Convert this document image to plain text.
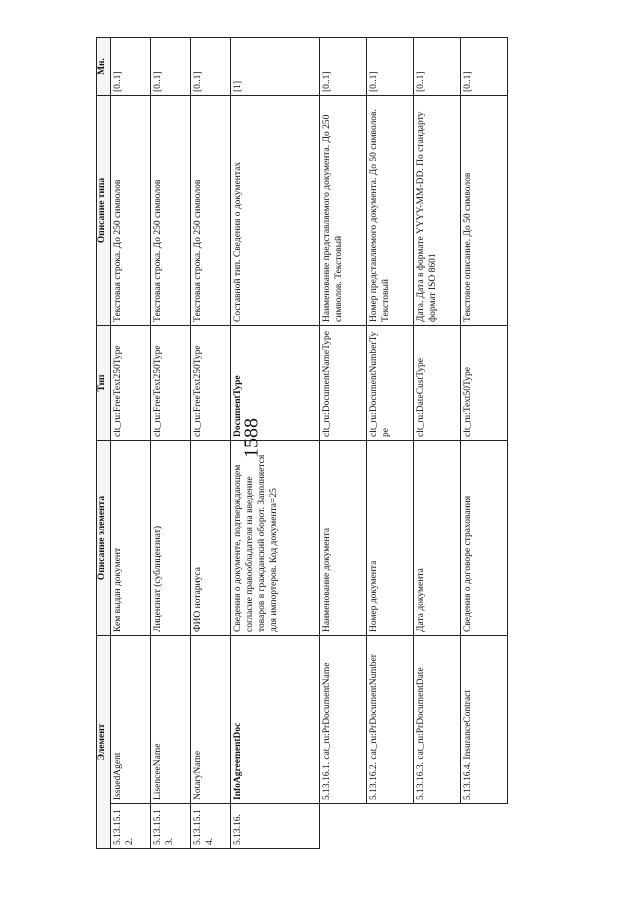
1588
Элемент		Описание элемента	Тип	Описание типа	Мн.
5.13.15.12.	IssuedAgent	Кем выдан документ	clt_ru:FreeText250Type	Текстовая строка. До 250 символов	[0..1]
5.13.15.13.	LisenceeName	Лицензиат (сублицензиат)	clt_ru:FreeText250Type	Текстовая строка. До 250 символов	[0..1]
5.13.15.14.	NotaryName	ФИО нотариуса	clt_ru:FreeText250Type	Текстовая строка. До 250 символов	[0..1]
5.13.16.	InfoAgreementDoc	Сведения о документе, подтверждающем согласие правообладателя на введение товаров в гражданский оборот. Заполняется для импортеров. Код документа=25	DocumentType	Составной тип. Сведения о документах	[1]
	5.13.16.1. cat_ru:PrDocumentName	Наименование документа	clt_ru:DocumentNameType	Наименование представляемого документа. До 250 символов. Текстовый	[0..1]
	5.13.16.2. cat_ru:PrDocumentNumber	Номер документа	clt_ru:DocumentNumberType	Номер представляемого документа. До 50 символов. Текстовый	[0..1]
	5.13.16.3. cat_ru:PrDocumentDate	Дата документа	clt_ru:DateCustType	Дата. Дата в формате YYYY-MM-DD. По стандарту формат ISO 8601	[0..1]
	5.13.16.4. InsuranceContract	Сведения о договоре страхования	clt_ru:Text50Type	Текстовое описание. До 50 символов	[0..1]
